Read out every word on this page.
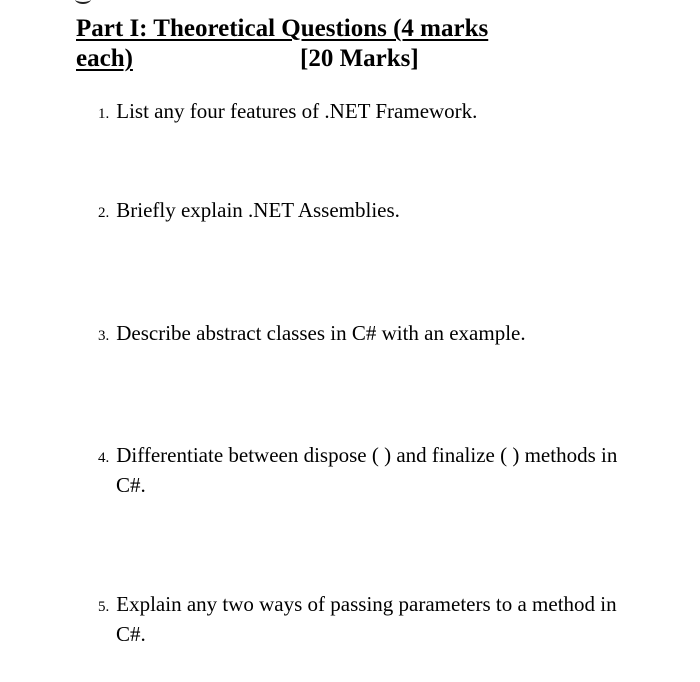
Part I: Theoretical Questions (4 marks
each)	[20 Marks]
1. List any four features of .NET Framework.
2. Briefly explain .NET Assemblies.
3. Describe abstract classes in C# with an example.
4. Differentiate between dispose ( ) and finalize ( ) methods in
C#.
5. Explain any two ways of passing parameters to a method in
C#.
